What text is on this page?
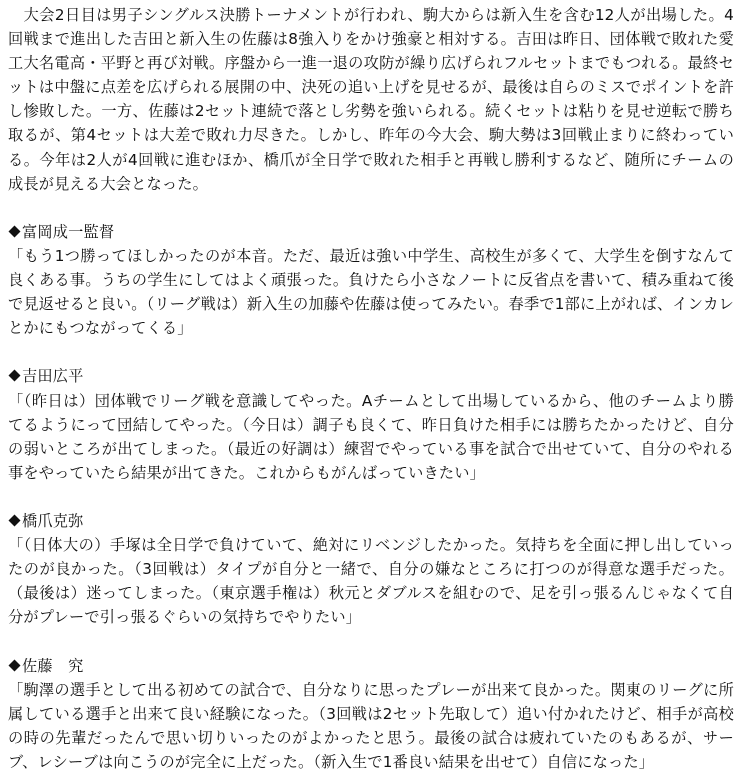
　大会2日目は男子シングルス決勝トーナメントが行われ、駒大からは新入生を含む12人が出場した。4回戦まで進出した吉田と新入生の佐藤は8強入りをかけ強豪と相対する。吉田は昨日、団体戦で敗れた愛工大名電高・平野と再び対戦。序盤から一進一退の攻防が繰り広げられフルセットまでもつれる。最終セットは中盤に点差を広げられる展開の中、決死の追い上げを見せるが、最後は自らのミスでポイントを許し惨敗した。一方、佐藤は2セット連続で落とし劣勢を強いられる。続くセットは粘りを見せ逆転で勝ち取るが、第4セットは大差で敗れ力尽きた。しかし、昨年の今大会、駒大勢は3回戦止まりに終わっている。今年は2人が4回戦に進むほか、橋爪が全日学で敗れた相手と再戦し勝利するなど、随所にチームの成長が見える大会となった。

富岡成一監督

「もう1つ勝ってほしかったのが本音。ただ、最近は強い中学生、高校生が多くて、大学生を倒すなんて良くある事。うちの学生にしてはよく頑張った。負けたら小さなノートに反省点を書いて、積み重ねて後で見返せると良い。（リーグ戦は）新入生の加藤や佐藤は使ってみたい。春季で1部に上がれば、インカレとかにもつながってくる」

吉田広平

「（昨日は）団体戦でリーグ戦を意識してやった。Aチームとして出場しているから、他のチームより勝てるようにって団結してやった。（今日は）調子も良くて、昨日負けた相手には勝ちたかったけど、自分の弱いところが出てしまった。（最近の好調は）練習でやっている事を試合で出せていて、自分のやれる事をやっていたら結果が出てきた。これからもがんばっていきたい」

橋爪克弥

「（日体大の）手塚は全日学で負けていて、絶対にリベンジしたかった。気持ちを全面に押し出していったのが良かった。（3回戦は）タイプが自分と一緒で、自分の嫌なところに打つのが得意な選手だった。（最後は）迷ってしまった。（東京選手権は）秋元とダブルスを組むので、足を引っ張るんじゃなくて自分がプレーで引っ張るぐらいの気持ちでやりたい」

佐藤　究

「駒澤の選手として出る初めての試合で、自分なりに思ったプレーが出来て良かった。関東のリーグに所属している選手と出来て良い経験になった。（3回戦は2セット先取して）追い付かれたけど、相手が高校の時の先輩だったんで思い切りいったのがよかったと思う。最後の試合は疲れていたのもあるが、サーブ、レシーブは向こうのが完全に上だった。（新入生で1番良い結果を出せて）自信になった」
